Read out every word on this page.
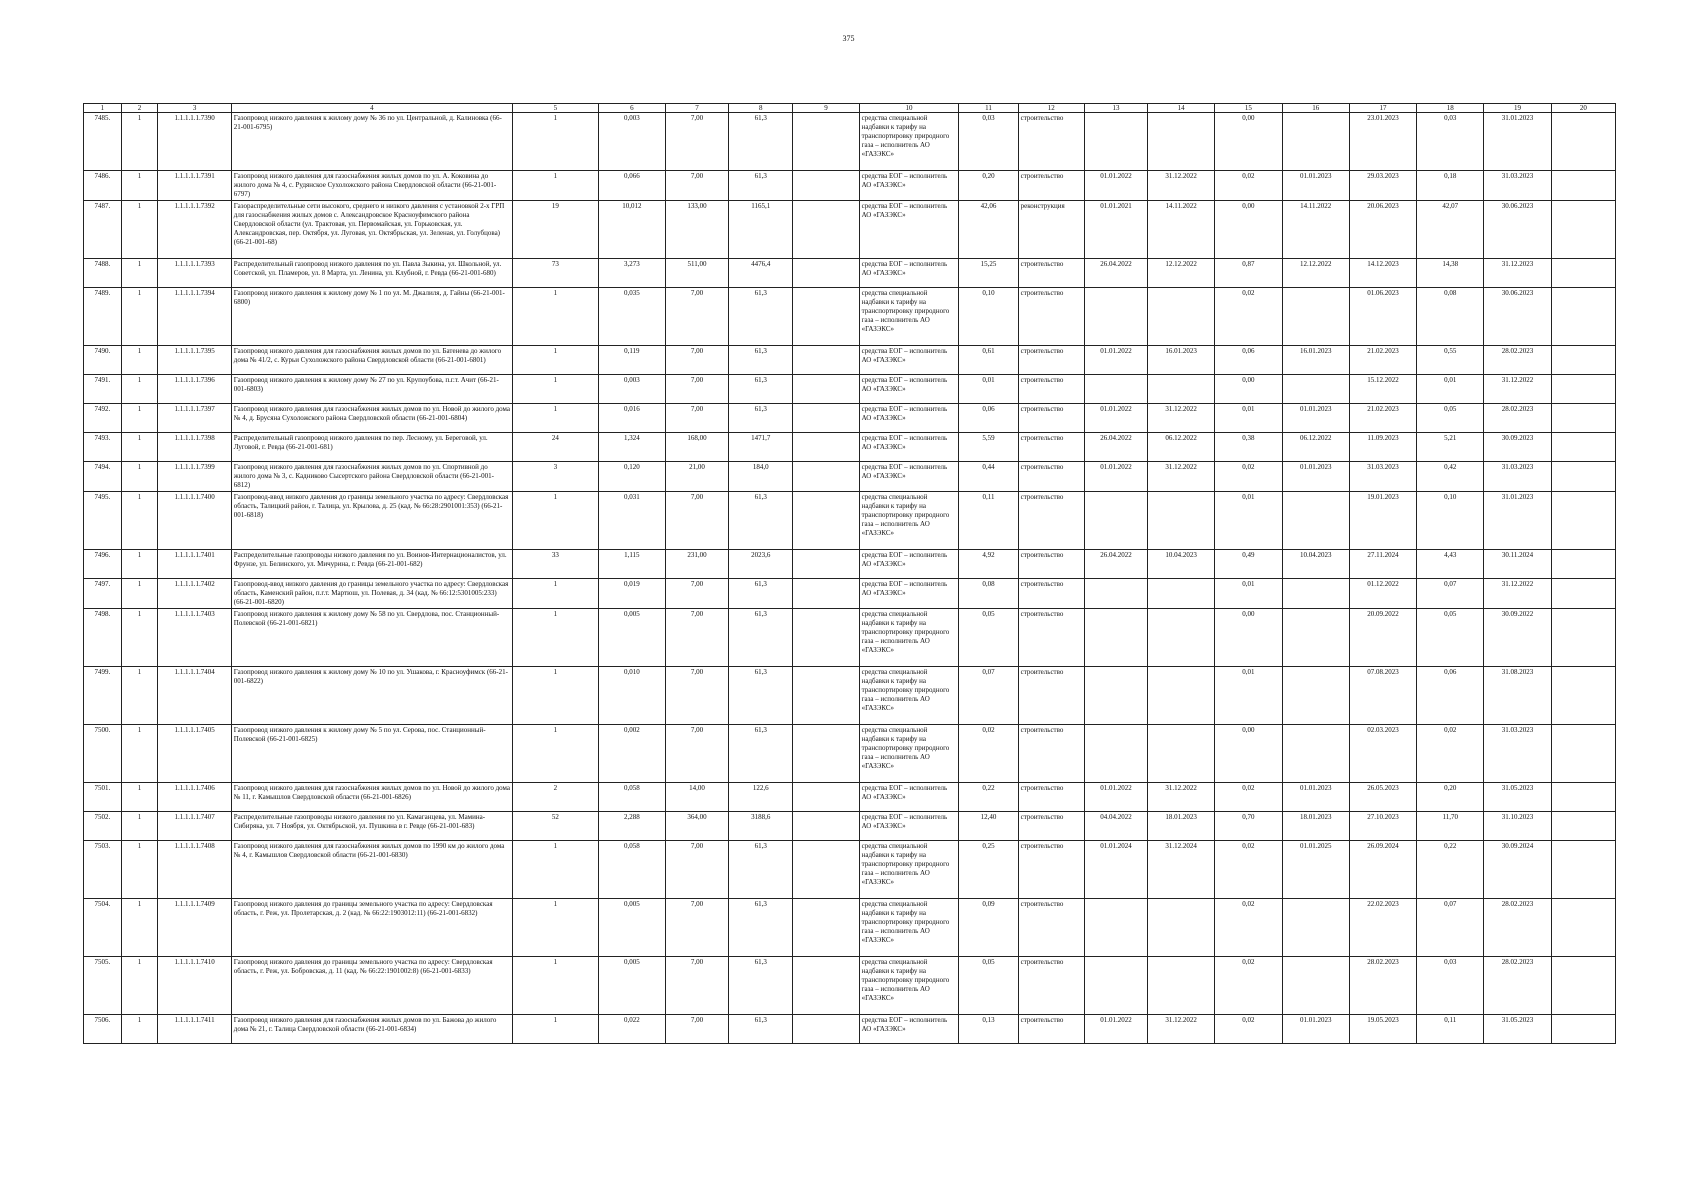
375
1	2	3	4	5	6	7	8	9	10	11	12	13	14	15	16	17	18	19	20
7485.	1	1.1.1.1.1.7390	Газопровод низкого давления к жилому дому № 36 по ул. Центральной, д. Калиновка (66-21-001-6795)	1	0,003	7,00	61,3		средства специальной надбавки к тарифу на транспортировку природного газа – исполнитель АО «ГАЗЭКС»	0,03	строительство			0,00		23.01.2023	0,03	31.01.2023	
7486.	1	1.1.1.1.1.7391	Газопровод низкого давления для газоснабжения жилых домов по ул. А. Коковина до жилого дома № 4, с. Рудянское Сухоложского района Свердловской области (66-21-001-6797)	1	0,066	7,00	61,3		средства ЕОГ – исполнитель АО «ГАЗЭКС»	0,20	строительство	01.01.2022	31.12.2022	0,02	01.01.2023	29.03.2023	0,18	31.03.2023	
7487.	1	1.1.1.1.1.7392	Газораспределительные сети высокого, среднего и низкого давления с установкой 2-х ГРП для газоснабжения жилых домов с. Александровское Красноуфимского района Свердловской области (ул. Трактовая, ул. Первомайская, ул. Горьковская, ул. Александровская, пер. Октября, ул. Луговая, ул. Октябрьская, ул. Зеленая, ул. Голубцова) (66-21-001-68)	19	10,012	133,00	1165,1		средства ЕОГ – исполнитель АО «ГАЗЭКС»	42,06	реконструкция	01.01.2021	14.11.2022	0,00	14.11.2022	20.06.2023	42,07	30.06.2023	
7488.	1	1.1.1.1.1.7393	Распределительный газопровод низкого давления по ул. Павла Зыкина, ул. Школьной, ул. Советской, ул. Пламеров, ул. 8 Марта, ул. Ленина, ул. Клубной, г. Ревда (66-21-001-680)	73	3,273	511,00	4476,4		средства ЕОГ – исполнитель АО «ГАЗЭКС»	15,25	строительство	26.04.2022	12.12.2022	0,87	12.12.2022	14.12.2023	14,38	31.12.2023	
7489.	1	1.1.1.1.1.7394	Газопровод низкого давления к жилому дому № 1 по ул. М. Джалиля, д. Гайны (66-21-001-6800)	1	0,035	7,00	61,3		средства специальной надбавки к тарифу на транспортировку природного газа – исполнитель АО «ГАЗЭКС»	0,10	строительство			0,02		01.06.2023	0,08	30.06.2023	
7490.	1	1.1.1.1.1.7395	Газопровод низкого давления для газоснабжения жилых домов по ул. Батенева до жилого дома № 41/2, с. Курьи Сухоложского района Свердловской области (66-21-001-6801)	1	0,119	7,00	61,3		средства ЕОГ – исполнитель АО «ГАЗЭКС»	0,61	строительство	01.01.2022	16.01.2023	0,06	16.01.2023	21.02.2023	0,55	28.02.2023	
7491.	1	1.1.1.1.1.7396	Газопровод низкого давления к жилому дому № 27 по ул. Крупоубова, п.г.т. Ачит (66-21-001-6803)	1	0,003	7,00	61,3		средства ЕОГ – исполнитель АО «ГАЗЭКС»	0,01	строительство			0,00		15.12.2022	0,01	31.12.2022	
7492.	1	1.1.1.1.1.7397	Газопровод низкого давления для газоснабжения жилых домов по ул. Новой до жилого дома № 4, д. Брусяна Сухоложского района Свердловской области (66-21-001-6804)	1	0,016	7,00	61,3		средства ЕОГ – исполнитель АО «ГАЗЭКС»	0,06	строительство	01.01.2022	31.12.2022	0,01	01.01.2023	21.02.2023	0,05	28.02.2023	
7493.	1	1.1.1.1.1.7398	Распределительный газопровод низкого давления по пер. Лесному, ул. Береговой, ул. Луговой, г. Ревда (66-21-001-681)	24	1,324	168,00	1471,7		средства ЕОГ – исполнитель АО «ГАЗЭКС»	5,59	строительство	26.04.2022	06.12.2022	0,38	06.12.2022	11.09.2023	5,21	30.09.2023	
7494.	1	1.1.1.1.1.7399	Газопровод низкого давления для газоснабжения жилых домов по ул. Спортивной до жилого дома № 3, с. Кадниково Сысертского района Свердловской области (66-21-001-6812)	3	0,120	21,00	184,0		средства ЕОГ – исполнитель АО «ГАЗЭКС»	0,44	строительство	01.01.2022	31.12.2022	0,02	01.01.2023	31.03.2023	0,42	31.03.2023	
7495.	1	1.1.1.1.1.7400	Газопровод-ввод низкого давления до границы земельного участка по адресу: Свердловская область, Талицкий район, г. Талица, ул. Крылова, д. 25 (кад. № 66:28:2901001:353) (66-21-001-6818)	1	0,031	7,00	61,3		средства специальной надбавки к тарифу на транспортировку природного газа – исполнитель АО «ГАЗЭКС»	0,11	строительство			0,01		19.01.2023	0,10	31.01.2023	
7496.	1	1.1.1.1.1.7401	Распределительные газопроводы низкого давления по ул. Воинов-Интернационалистов, ул. Фрунзе, ул. Белинского, ул. Мичурина, г. Ревда (66-21-001-682)	33	1,115	231,00	2023,6		средства ЕОГ – исполнитель АО «ГАЗЭКС»	4,92	строительство	26.04.2022	10.04.2023	0,49	10.04.2023	27.11.2024	4,43	30.11.2024	
7497.	1	1.1.1.1.1.7402	Газопровод-ввод низкого давления до границы земельного участка по адресу: Свердловская область, Каменский район, п.г.т. Мартюш, ул. Полевая, д. 34 (кад. № 66:12:5301005:233) (66-21-001-6820)	1	0,019	7,00	61,3		средства ЕОГ – исполнитель АО «ГАЗЭКС»	0,08	строительство			0,01		01.12.2022	0,07	31.12.2022	
7498.	1	1.1.1.1.1.7403	Газопровод низкого давления к жилому дому № 58 по ул. Свердлова, пос. Станционный-Полевской (66-21-001-6821)	1	0,005	7,00	61,3		средства специальной надбавки к тарифу на транспортировку природного газа – исполнитель АО «ГАЗЭКС»	0,05	строительство			0,00		20.09.2022	0,05	30.09.2022	
7499.	1	1.1.1.1.1.7404	Газопровод низкого давления к жилому дому № 10 по ул. Ушакова, г. Красноуфимск (66-21-001-6822)	1	0,010	7,00	61,3		средства специальной надбавки к тарифу на транспортировку природного газа – исполнитель АО «ГАЗЭКС»	0,07	строительство			0,01		07.08.2023	0,06	31.08.2023	
7500.	1	1.1.1.1.1.7405	Газопровод низкого давления к жилому дому № 5 по ул. Серова, пос. Станционный-Полевской (66-21-001-6825)	1	0,002	7,00	61,3		средства специальной надбавки к тарифу на транспортировку природного газа – исполнитель АО «ГАЗЭКС»	0,02	строительство			0,00		02.03.2023	0,02	31.03.2023	
7501.	1	1.1.1.1.1.7406	Газопровод низкого давления для газоснабжения жилых домов по ул. Новой до жилого дома № 11, г. Камышлов Свердловской области (66-21-001-6826)	2	0,058	14,00	122,6		средства ЕОГ – исполнитель АО «ГАЗЭКС»	0,22	строительство	01.01.2022	31.12.2022	0,02	01.01.2023	26.05.2023	0,20	31.05.2023	
7502.	1	1.1.1.1.1.7407	Распределительные газопроводы низкого давления по ул. Камаганцева, ул. Мамина-Сибиряка, ул. 7 Ноября, ул. Октябрьской, ул. Пушкина в г. Ревде (66-21-001-683)	52	2,288	364,00	3188,6		средства ЕОГ – исполнитель АО «ГАЗЭКС»	12,40	строительство	04.04.2022	18.01.2023	0,70	18.01.2023	27.10.2023	11,70	31.10.2023	
7503.	1	1.1.1.1.1.7408	Газопровод низкого давления для газоснабжения жилых домов по 1990 км до жилого дома № 4, г. Камышлов Свердловской области (66-21-001-6830)	1	0,058	7,00	61,3		средства специальной надбавки к тарифу на транспортировку природного газа – исполнитель АО «ГАЗЭКС»	0,25	строительство	01.01.2024	31.12.2024	0,02	01.01.2025	26.09.2024	0,22	30.09.2024	
7504.	1	1.1.1.1.1.7409	Газопровод низкого давления до границы земельного участка по адресу: Свердловская область, г. Реж, ул. Пролетарская, д. 2 (кад. № 66:22:1903012:11) (66-21-001-6832)	1	0,005	7,00	61,3		средства специальной надбавки к тарифу на транспортировку природного газа – исполнитель АО «ГАЗЭКС»	0,09	строительство			0,02		22.02.2023	0,07	28.02.2023	
7505.	1	1.1.1.1.1.7410	Газопровод низкого давления до границы земельного участка по адресу: Свердловская область, г. Реж, ул. Бобровская, д. 11 (кад. № 66:22:1901002:8) (66-21-001-6833)	1	0,005	7,00	61,3		средства специальной надбавки к тарифу на транспортировку природного газа – исполнитель АО «ГАЗЭКС»	0,05	строительство			0,02		28.02.2023	0,03	28.02.2023	
7506.	1	1.1.1.1.1.7411	Газопровод низкого давления для газоснабжения жилых домов по ул. Бажова до жилого дома № 21, г. Талица Свердловской области (66-21-001-6834)	1	0,022	7,00	61,3		средства ЕОГ – исполнитель АО «ГАЗЭКС»	0,13	строительство	01.01.2022	31.12.2022	0,02	01.01.2023	19.05.2023	0,11	31.05.2023	
